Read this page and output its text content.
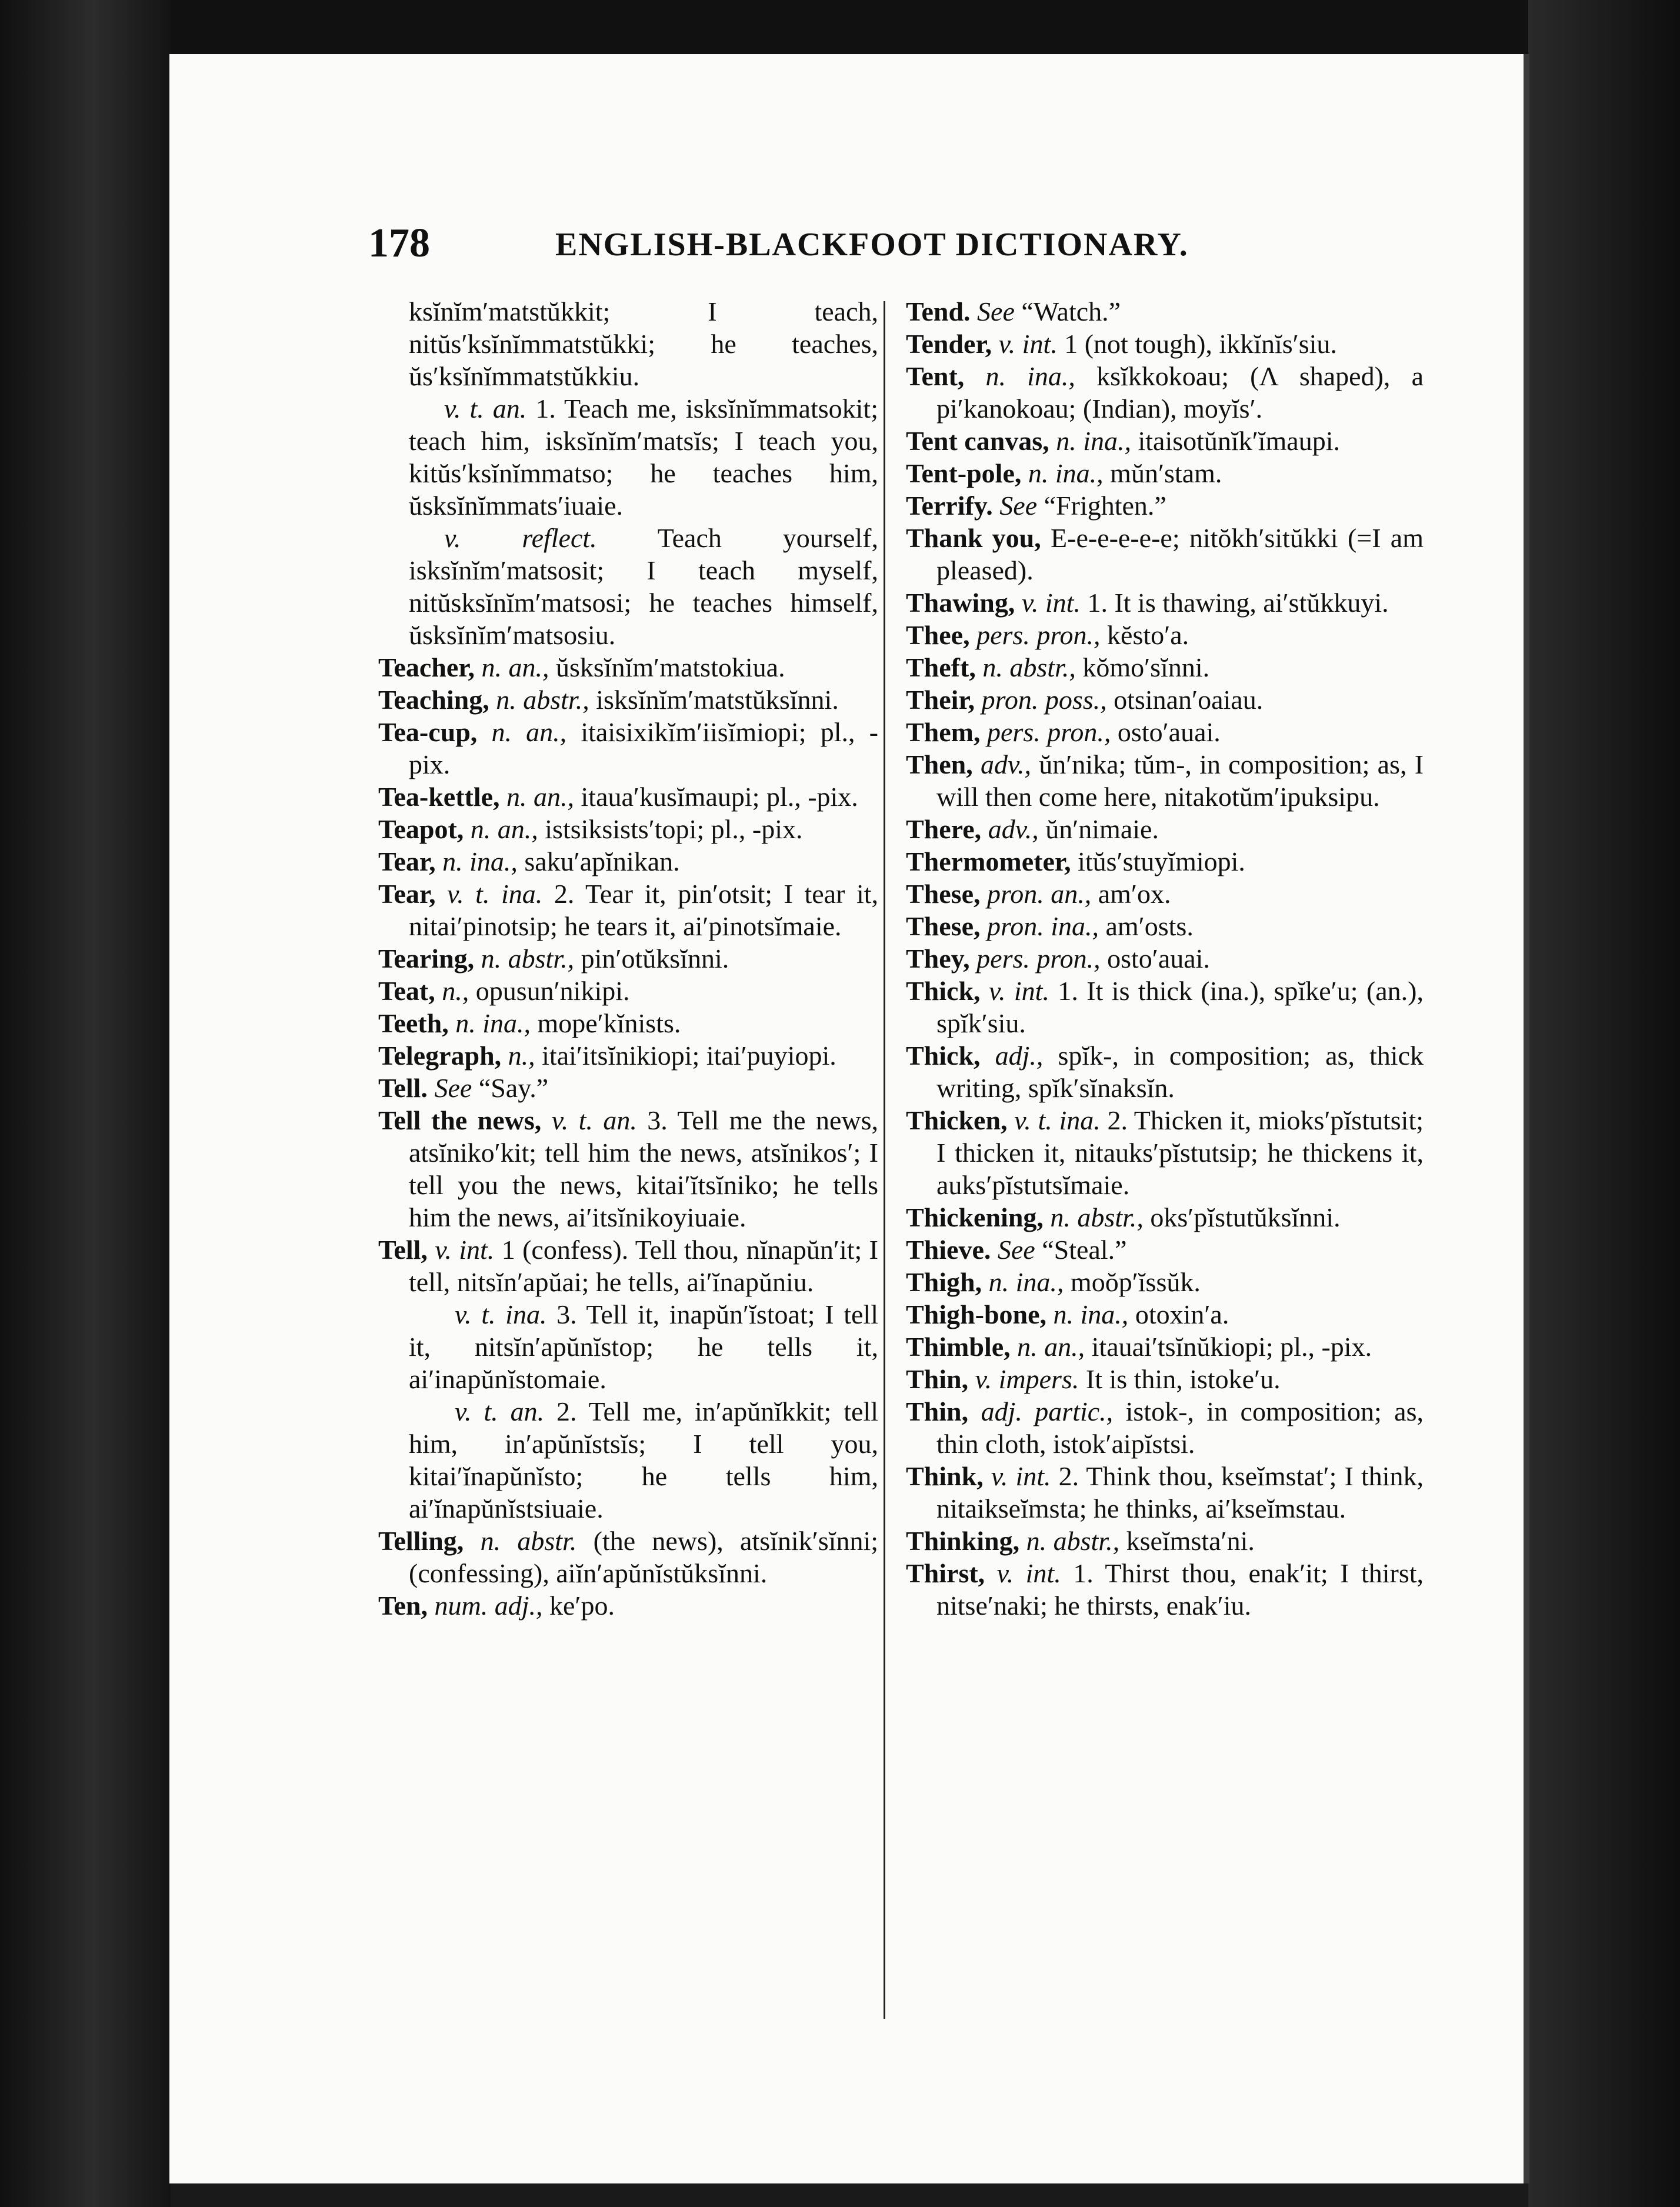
178	ENGLISH-BLACKFOOT DICTIONARY.

ksĭnĭm′matstŭkkit; I teach, nitŭs′ksĭnĭmmatstŭkki; he teaches, ŭs′ksĭnĭmmatstŭkkiu.

v. t. an. 1. Teach me, isksĭnĭmmatsokit; teach him, isksĭnĭm′matsĭs; I teach you, kitŭs′ksĭnĭmmatso; he teaches him, ŭsksĭnĭmmats′iuaie.

v. reflect. Teach yourself, isksĭnĭm′matsosit; I teach myself, nitŭsksĭnĭm′matsosi; he teaches himself, ŭsksĭnĭm′matsosiu.

Teacher, n. an., ŭsksĭnĭm′matstokiua.

Teaching, n. abstr., isksĭnĭm′matstŭksĭnni.

Tea-cup, n. an., itaisixikĭm′iisĭmiopi; pl., -pix.

Tea-kettle, n. an., itaua′kusĭmaupi; pl., -pix.

Teapot, n. an., istsiksists′topi; pl., -pix.

Tear, n. ina., saku′apĭnikan.

Tear, v. t. ina. 2. Tear it, pin′otsit; I tear it, nitai′pinotsip; he tears it, ai′pinotsĭmaie.

Tearing, n. abstr., pin′otŭksĭnni.

Teat, n., opusun′nikipi.

Teeth, n. ina., mope′kĭnists.

Telegraph, n., itai′itsĭnikiopi; itai′puyiopi.

Tell. See “Say.”

Tell the news, v. t. an. 3. Tell me the news, atsĭniko′kit; tell him the news, atsĭnikos′; I tell you the news, kitai′ĭtsĭniko; he tells him the news, ai′itsĭnikoyiuaie.

Tell, v. int. 1 (confess). Tell thou, nĭnapŭn′it; I tell, nitsĭn′apŭai; he tells, ai′ĭnapŭniu.

v. t. ina. 3. Tell it, inapŭn′ĭstoat; I tell it, nitsĭn′apŭnĭstop; he tells it, ai′inapŭnĭstomaie.

v. t. an. 2. Tell me, in′apŭnĭkkit; tell him, in′apŭnĭstsĭs; I tell you, kitai′ĭnapŭnĭsto; he tells him, ai′ĭnapŭnĭstsiuaie.

Telling, n. abstr. (the news), atsĭnik′sĭnni; (confessing), aiĭn′apŭnĭstŭksĭnni.

Ten, num. adj., ke′po.

Tend. See “Watch.”

Tender, v. int. 1 (not tough), ikkĭnĭs′siu.

Tent, n. ina., ksĭkkokoau; (Λ shaped), a pi′kanokoau; (Indian), moyĭs′.

Tent canvas, n. ina., itaisotŭnĭk′ĭmaupi.

Tent-pole, n. ina., mŭn′stam.

Terrify. See “Frighten.”

Thank you, E-e-e-e-e-e; nitŏkh′sitŭkki (=I am pleased).

Thawing, v. int. 1. It is thawing, ai′stŭkkuyi.

Thee, pers. pron., kĕsto′a.

Theft, n. abstr., kŏmo′sĭnni.

Their, pron. poss., otsinan′oaiau.

Them, pers. pron., osto′auai.

Then, adv., ŭn′nika; tŭm-, in composition; as, I will then come here, nitakotŭm′ipuksipu.

There, adv., ŭn′nimaie.

Thermometer, itŭs′stuyĭmiopi.

These, pron. an., am′ox.

These, pron. ina., am′osts.

They, pers. pron., osto′auai.

Thick, v. int. 1. It is thick (ina.), spĭke′u; (an.), spĭk′siu.

Thick, adj., spĭk-, in composition; as, thick writing, spĭk′sĭnaksĭn.

Thicken, v. t. ina. 2. Thicken it, mioks′pĭstutsit; I thicken it, nitauks′pĭstutsip; he thickens it, auks′pĭstutsĭmaie.

Thickening, n. abstr., oks′pĭstutŭksĭnni.

Thieve. See “Steal.”

Thigh, n. ina., moŏp′ĭssŭk.

Thigh-bone, n. ina., otoxin′a.

Thimble, n. an., itauai′tsĭnŭkiopi; pl., -pix.

Thin, v. impers. It is thin, istoke′u.

Thin, adj. partic., istok-, in composition; as, thin cloth, istok′aipĭstsi.

Think, v. int. 2. Think thou, kseĭmstat′; I think, nitaikseĭmsta; he thinks, ai′kseĭmstau.

Thinking, n. abstr., kseĭmsta′ni.

Thirst, v. int. 1. Thirst thou, enak′it; I thirst, nitse′naki; he thirsts, enak′iu.
